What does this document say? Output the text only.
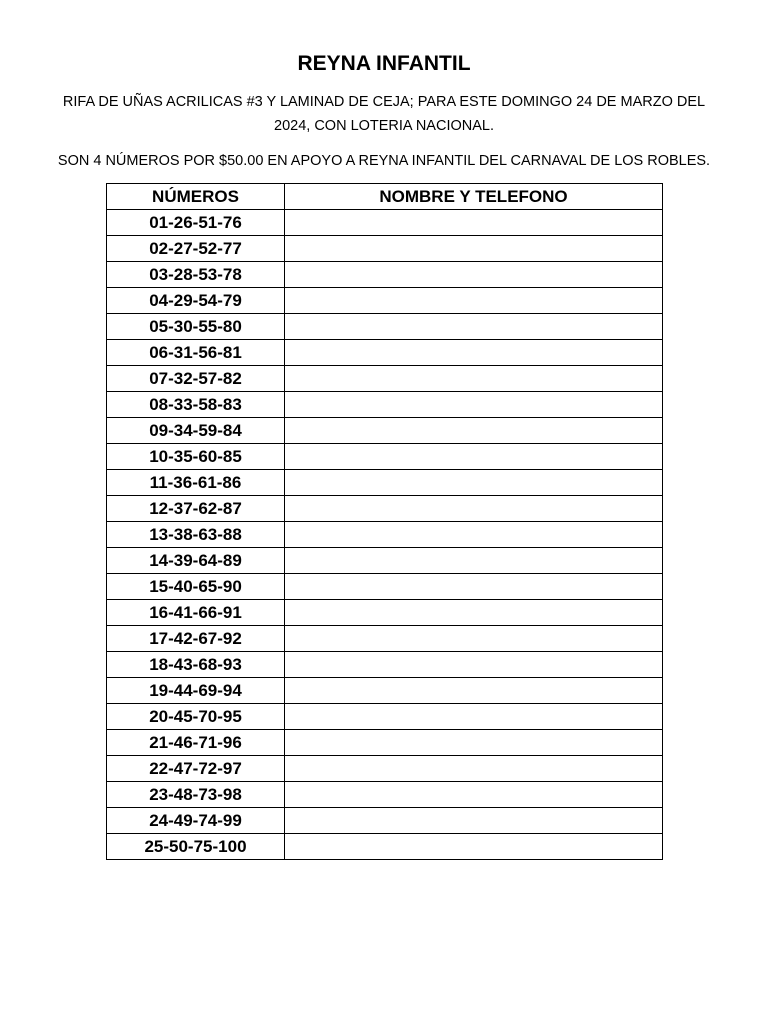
REYNA INFANTIL
RIFA DE UÑAS ACRILICAS #3 Y LAMINAD DE CEJA; PARA ESTE DOMINGO 24 DE MARZO DEL 2024, CON LOTERIA NACIONAL.
SON 4 NÚMEROS POR $50.00 EN APOYO A REYNA INFANTIL DEL CARNAVAL DE LOS ROBLES.
NÚMEROS	NOMBRE Y TELEFONO
01-26-51-76	
02-27-52-77	
03-28-53-78	
04-29-54-79	
05-30-55-80	
06-31-56-81	
07-32-57-82	
08-33-58-83	
09-34-59-84	
10-35-60-85	
11-36-61-86	
12-37-62-87	
13-38-63-88	
14-39-64-89	
15-40-65-90	
16-41-66-91	
17-42-67-92	
18-43-68-93	
19-44-69-94	
20-45-70-95	
21-46-71-96	
22-47-72-97	
23-48-73-98	
24-49-74-99	
25-50-75-100	
